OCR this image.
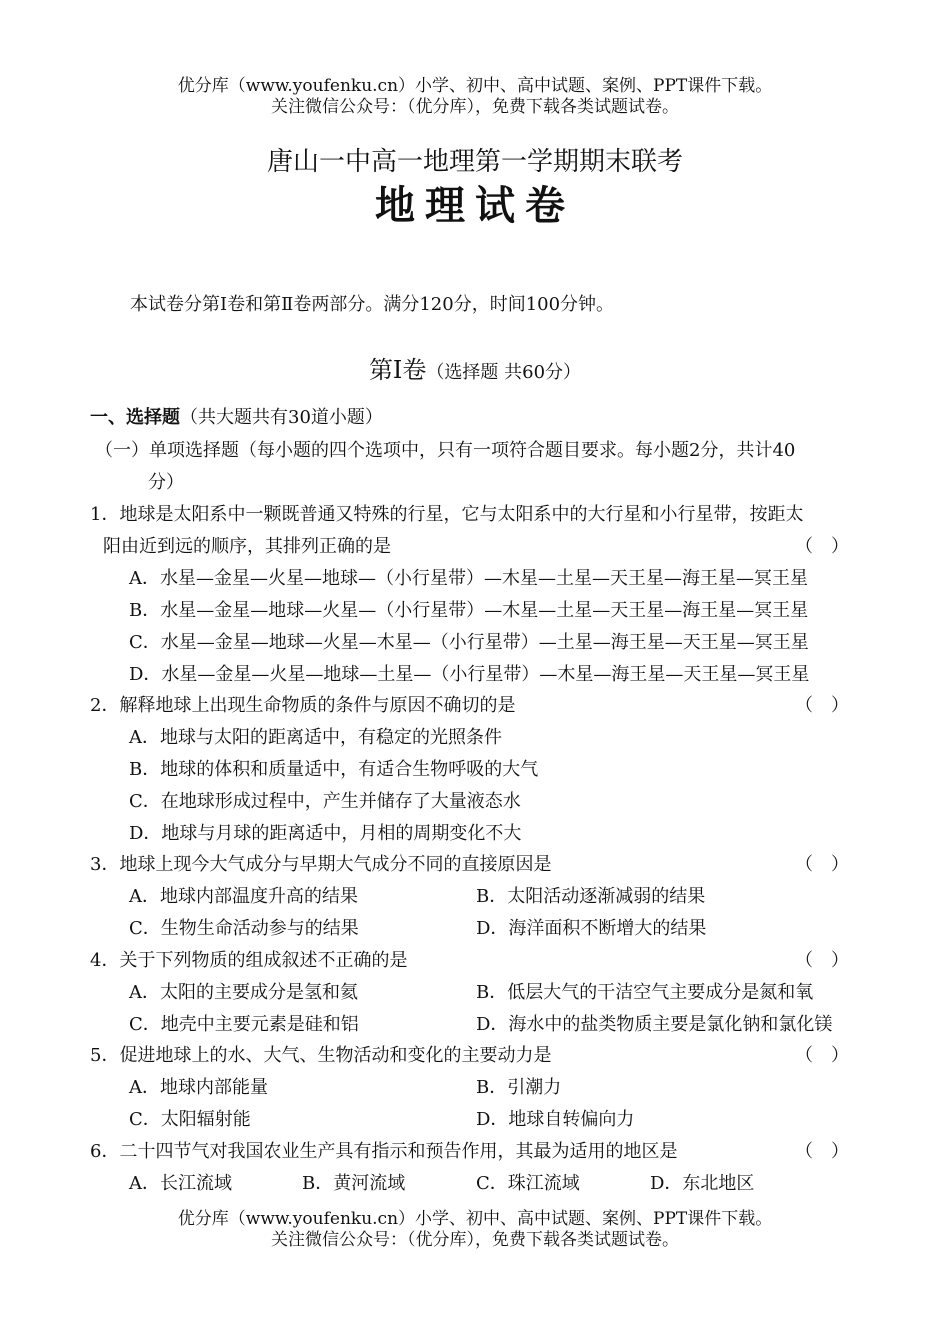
优分库（www.youfenku.cn）小学、初中、高中试题、案例、PPT课件下载。
关注微信公众号：（优分库），免费下载各类试题试卷。
唐山一中高一地理第一学期期末联考
地理试卷
本试卷分第Ⅰ卷和第Ⅱ卷两部分。满分120分，时间100分钟。
第Ⅰ卷（选择题 共60分）
一、选择题（共大题共有30道小题）
（一）单项选择题（每小题的四个选项中，只有一项符合题目要求。每小题2分，共计40
分）
1．地球是太阳系中一颗既普通又特殊的行星，它与太阳系中的大行星和小行星带，按距太
阳由近到远的顺序，其排列正确的是	（　）
A．水星—金星—火星—地球—（小行星带）—木星—土星—天王星—海王星—冥王星
B．水星—金星—地球—火星—（小行星带）—木星—土星—天王星—海王星—冥王星
C．水星—金星—地球—火星—木星—（小行星带）—土星—海王星—天王星—冥王星
D．水星—金星—火星—地球—土星—（小行星带）—木星—海王星—天王星—冥王星
2．解释地球上出现生命物质的条件与原因不确切的是	（　）
A．地球与太阳的距离适中，有稳定的光照条件
B．地球的体积和质量适中，有适合生物呼吸的大气
C．在地球形成过程中，产生并储存了大量液态水
D．地球与月球的距离适中，月相的周期变化不大
3．地球上现今大气成分与早期大气成分不同的直接原因是	（　）
A．地球内部温度升高的结果	B．太阳活动逐渐减弱的结果
C．生物生命活动参与的结果	D．海洋面积不断增大的结果
4．关于下列物质的组成叙述不正确的是	（　）
A．太阳的主要成分是氢和氦	B．低层大气的干洁空气主要成分是氮和氧
C．地壳中主要元素是硅和铝	D．海水中的盐类物质主要是氯化钠和氯化镁
5．促进地球上的水、大气、生物活动和变化的主要动力是	（　）
A．地球内部能量	B．引潮力
C．太阳辐射能	D．地球自转偏向力
6．二十四节气对我国农业生产具有指示和预告作用，其最为适用的地区是	（　）
A．长江流域	B．黄河流域	C．珠江流域	D．东北地区
优分库（www.youfenku.cn）小学、初中、高中试题、案例、PPT课件下载。
关注微信公众号：（优分库），免费下载各类试题试卷。
